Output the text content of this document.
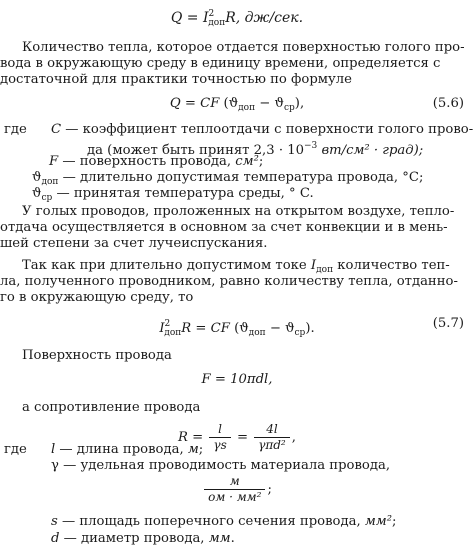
$Q = I^2_{доп}R$, дж/сек.
Количество тепла, которое отдается поверхностью голого про-
вода в окружающую среду в единицу времени, определяется с
достаточной для практики точностью по формуле
Q = CF $(ϑ_{доп} - ϑ_{ср})$,	(5.6)
где C — коэффициент теплоотдачи с поверхности голого прово-
да (может быть принят $2,3 \cdot 10^{-3}$ вт/см² · град);
F — поверхность провода, см²;
$ϑ_{доп}$ — длительно допустимая температура провода, °C;
$ϑ_{ср}$ — принятая температура среды, ° C.
У голых проводов, проложенных на открытом воздухе, теплo-
отдача осуществляется в основном за счет конвекции и в мень-
шей степени за счет лучеиспускания.
Так как при длительно допустимом токе $I_{доп}$ количество теп-
ла, полученного проводником, равно количеству тепла, отданно-
го в окружающую среду, то
$I^2_{доп}R$ = CF $(ϑ_{доп} - ϑ_{ср})$.	(5.7)
Поверхность провода
F = 10πdl,
а сопротивление провода
$R = \frac{l}{\gamma s} = \frac{4l}{\text{γπd²}}$ ,
где l — длина провода, м;
γ — удельная проводимость материала провода,
$\frac{м}{\text{ом · мм²}}$ ;
s — площадь поперечного сечения провода, мм²;
d — диаметр провода, мм.
